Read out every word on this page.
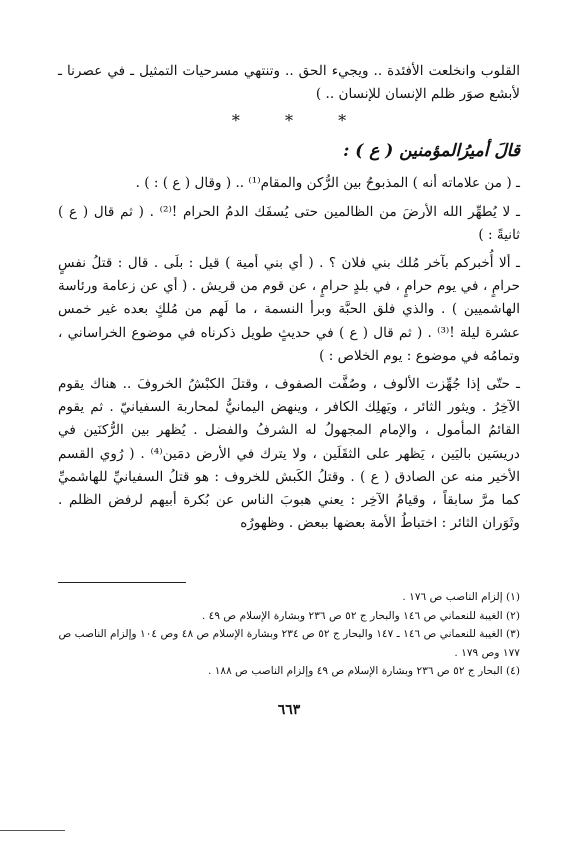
القلوب وانخلعت الأفئدة .. ويجيء الحق .. وتنتهي مسرحيات التمثيل ـ في عصرنا ـ لأبشع صوَر ظلم الإنسان للإنسان .. )

* * *
قالَ أميرُالمؤمنين ( ع ) :

ـ ( من علاماته أنه ) المذبوحُ بين الرُّكن والمقام⁽¹⁾ .. ( وقال ( ع ) : ) .

ـ لا يُطهِّر الله الأرضَ من الظالمين حتى يُسفَك الدمُ الحرام !⁽²⁾ . ( ثم قال ( ع ) ثانيةً : )

ـ ألا أُخبركم بآخر مُلك بني فلان ؟ . ( أي بني أمية ) قيل : بلَى . قال : قتلُ نفسٍ حرامٍ ، في يوم حرامٍ ، في بلدٍ حرامٍ ، عن قوم من قريش . ( أي عن زعامة ورئاسة الهاشميين ) . والذي فلق الحبَّة وبرأ النسمة ، ما لَهم من مُلكٍ بعده غير خمس عشرة ليلة !⁽³⁾ . ( ثم قال ( ع ) في حديثٍ طويل ذكرناه في موضوع الخراساني ، وتمامُه في موضوع : يوم الخلاص : )

ـ حتّى إذا جُهِّزت الألوف ، وصُفَّت الصفوف ، وقتلَ الكبْشُ الخروفَ .. هناك يقوم الآخِرُ . ويثور الثائر ، ويَهلِك الكافر ، وينهض اليمانيُّ لمحاربة السفيانيّ . ثم يقوم القائمُ المأمول ، والإمام المجهولُ له الشرفُ والفضل . يُظهر بين الرُّكنَين في دريسَين باليَين ، يَظهر على الثقَلَين ، ولا يترك في الأرض دمَين⁽⁴⁾ . ( رُوي القسم الأخير منه عن الصادق ( ع ) . وقتلُ الكَبش للخروف : هو قتلُ السفيانيِّ للهاشميِّ كما مرَّ سابقاً ، وقيامُ الآخِر : يعني هبوبَ الناس عن بُكرة أبيهم لرفض الظلم . وثَوَران الثائر : اختباطُ الأمة بعضها ببعض . وظهورُه

(١) إلزام الناصب ص ١٧٦ .

(٢) الغيبة للنعماني ص ١٤٦ والبحار ج ٥٢ ص ٢٣٦ وبشارة الإسلام ص ٤٩ .

(٣) الغيبة للنعماني ص ١٤٦ ـ ١٤٧ والبحار ج ٥٢ ص ٢٣٤ وبشارة الإسلام ص ٤٨ وص ١٠٤ وإلزام الناصب ص ١٧٧ وص ١٧٩ .

(٤) البحار ج ٥٢ ص ٢٣٦ وبشارة الإسلام ص ٤٩ وإلزام الناصب ص ١٨٨ .

٦٦٣
